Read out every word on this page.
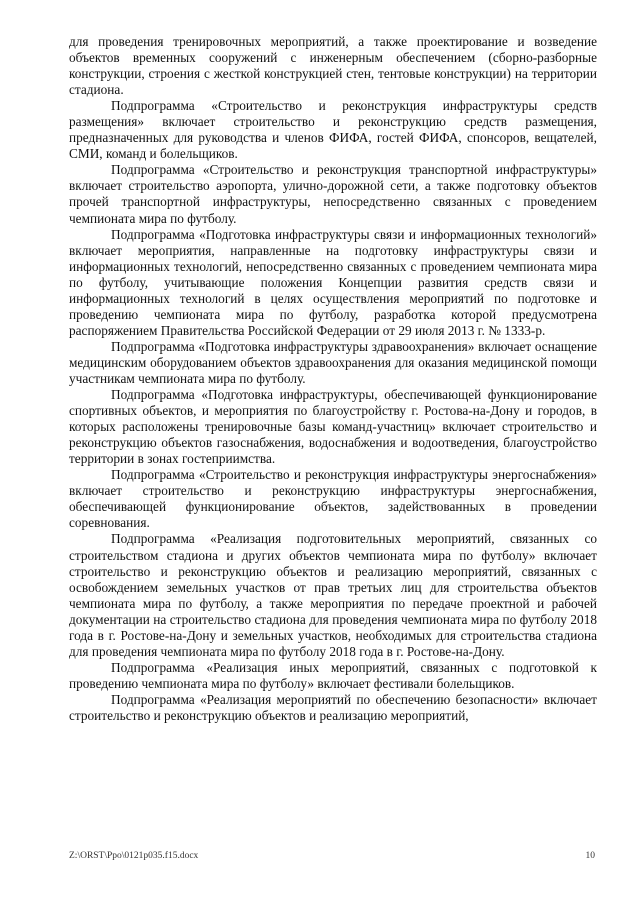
для проведения тренировочных мероприятий, а также проектирование и возведение объектов временных сооружений с инженерным обеспечением (сборно-разборные конструкции, строения с жесткой конструкцией стен, тентовые конструкции) на территории стадиона.

Подпрограмма «Строительство и реконструкция инфраструктуры средств размещения» включает строительство и реконструкцию средств размещения, предназначенных для руководства и членов ФИФА, гостей ФИФА, спонсоров, вещателей, СМИ, команд и болельщиков.

Подпрограмма «Строительство и реконструкция транспортной инфраструктуры» включает строительство аэропорта, улично-дорожной сети, а также подготовку объектов прочей транспортной инфраструктуры, непосредственно связанных с проведением чемпионата мира по футболу.

Подпрограмма «Подготовка инфраструктуры связи и информационных технологий» включает мероприятия, направленные на подготовку инфраструктуры связи и информационных технологий, непосредственно связанных с проведением чемпионата мира по футболу, учитывающие положения Концепции развития средств связи и информационных технологий в целях осуществления мероприятий по подготовке и проведению чемпионата мира по футболу, разработка которой предусмотрена распоряжением Правительства Российской Федерации от 29 июля 2013 г. № 1333-р.

Подпрограмма «Подготовка инфраструктуры здравоохранения» включает оснащение медицинским оборудованием объектов здравоохранения для оказания медицинской помощи участникам чемпионата мира по футболу.

Подпрограмма «Подготовка инфраструктуры, обеспечивающей функционирование спортивных объектов, и мероприятия по благоустройству г. Ростова-на-Дону и городов, в которых расположены тренировочные базы команд-участниц» включает строительство и реконструкцию объектов газоснабжения, водоснабжения и водоотведения, благоустройство территории в зонах гостеприимства.

Подпрограмма «Строительство и реконструкция инфраструктуры энергоснабжения» включает строительство и реконструкцию инфраструктуры энергоснабжения, обеспечивающей функционирование объектов, задействованных в проведении соревнования.

Подпрограмма «Реализация подготовительных мероприятий, связанных со строительством стадиона и других объектов чемпионата мира по футболу» включает строительство и реконструкцию объектов и реализацию мероприятий, связанных с освобождением земельных участков от прав третьих лиц для строительства объектов чемпионата мира по футболу, а также мероприятия по передаче проектной и рабочей документации на строительство стадиона для проведения чемпионата мира по футболу 2018 года в г. Ростове-на-Дону и земельных участков, необходимых для строительства стадиона для проведения чемпионата мира по футболу 2018 года в г. Ростове-на-Дону.

Подпрограмма «Реализация иных мероприятий, связанных с подготовкой к проведению чемпионата мира по футболу» включает фестивали болельщиков.

Подпрограмма «Реализация мероприятий по обеспечению безопасности» включает строительство и реконструкцию объектов и реализацию мероприятий,

Z:\ORST\Ppo\0121p035.f15.docx	10
